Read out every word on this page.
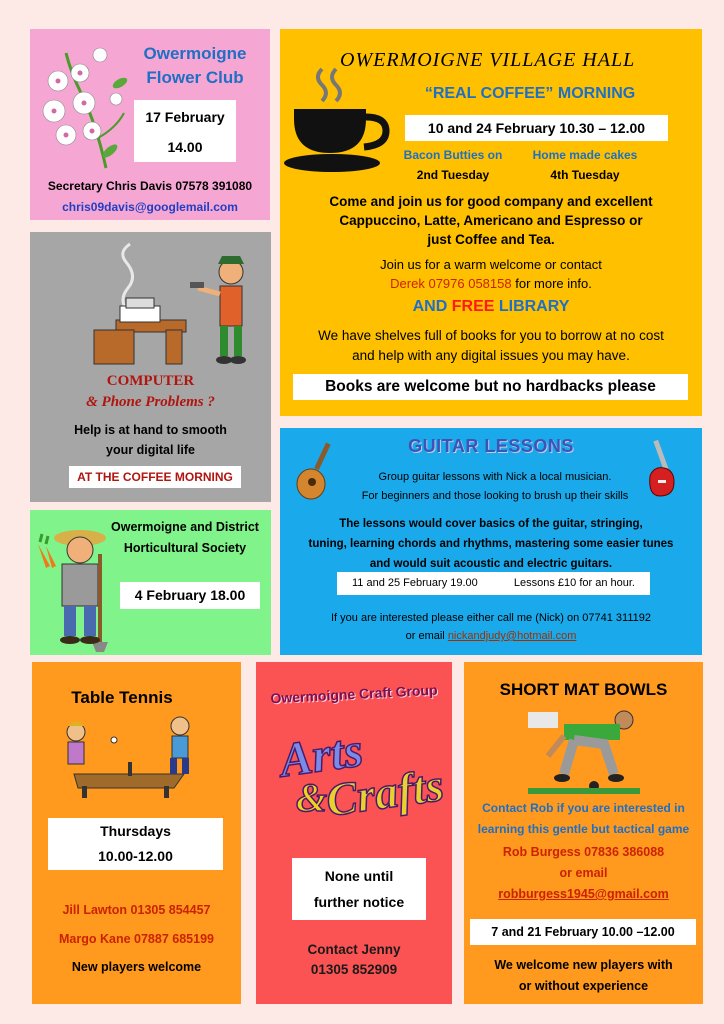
Owermoigne
Flower Club
17 February
14.00
Secretary Chris Davis 07578 391080
chris09davis@googlemail.com
OWERMOIGNE VILLAGE HALL
“REAL COFFEE” MORNING
10 and 24 February 10.30 – 12.00
Bacon Butties on
2nd Tuesday
Home made cakes
4th Tuesday
Come and join us for good company and excellent
Cappuccino, Latte, Americano and Espresso or
just Coffee and Tea.
Join us for a warm welcome or contact
Derek 07976 058158 for more info.
AND FREE LIBRARY
We have shelves full of books for you to borrow at no cost
and help with any digital issues you may have.
Books are welcome but no hardbacks please
COMPUTER
& Phone Problems ?
Help is at hand to smooth
your digital life
AT THE COFFEE MORNING
GUITAR LESSONS
Group guitar lessons with Nick a local musician.
For beginners and those looking to brush up their skills
The lessons would cover basics of the guitar, stringing,
tuning, learning chords and rhythms, mastering some easier tunes
and would suit acoustic and electric guitars.
11 and 25 February 19.00	Lessons £10 for an hour.
If you are interested please either call me (Nick) on 07741 311192
or email nickandjudy@hotmail.com
Owermoigne and District
Horticultural Society
4 February 18.00
Table Tennis
Thursdays
10.00-12.00
Jill Lawton 01305 854457
Margo Kane 07887 685199
New players welcome
Owermoigne Craft Group
Arts
&
Crafts
None until
further notice
Contact Jenny
01305 852909
SHORT MAT BOWLS
Contact Rob if you are interested in
learning this gentle but tactical game
Rob Burgess 07836 386088
or email
robburgess1945@gmail.com
7 and 21 February 10.00 –12.00
We welcome new players with
or without experience
